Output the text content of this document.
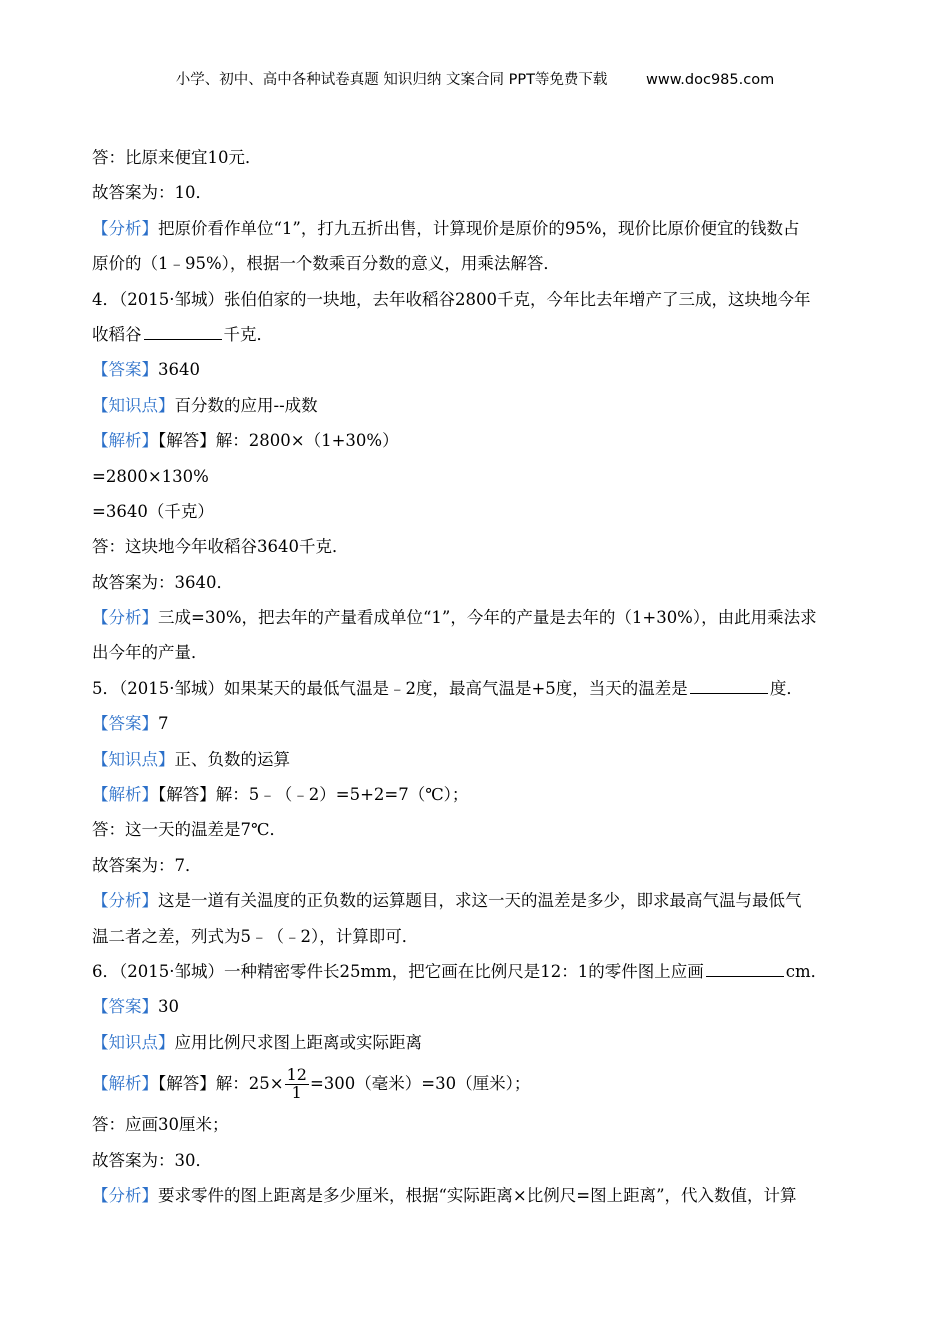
小学、初中、高中各种试卷真题 知识归纳 文案合同 PPT等免费下载	www.doc985.com
答：比原来便宜10元．
故答案为：10．
【分析】把原价看作单位“1”，打九五折出售，计算现价是原价的95%，现价比原价便宜的钱数占
原价的（1﹣95%），根据一个数乘百分数的意义，用乘法解答．
4．（2015·邹城）张伯伯家的一块地，去年收稻谷2800千克，今年比去年增产了三成，这块地今年
收稻谷	千克．
【答案】3640
【知识点】百分数的应用--成数
【解析】【解答】解：2800×（1+30%）
=2800×130%
=3640（千克）
答：这块地今年收稻谷3640千克．
故答案为：3640．
【分析】三成=30%，把去年的产量看成单位“1”，今年的产量是去年的（1+30%），由此用乘法求
出今年的产量．
5．（2015·邹城）如果某天的最低气温是﹣2度，最高气温是+5度，当天的温差是	度．
【答案】7
【知识点】正、负数的运算
【解析】【解答】解：5﹣（﹣2）=5+2=7（℃）；
答：这一天的温差是7℃．
故答案为：7．
【分析】这是一道有关温度的正负数的运算题目，求这一天的温差是多少，即求最高气温与最低气
温二者之差，列式为5﹣（﹣2），计算即可．
6．（2015·邹城）一种精密零件长25mm，把它画在比例尺是12：1的零件图上应画	cm．
【答案】30
【知识点】应用比例尺求图上距离或实际距离
【解析】【解答】解：$25\times \frac{12}{1} =300$（毫米）=30（厘米）；
答：应画30厘米；
故答案为：30．
【分析】要求零件的图上距离是多少厘米，根据“实际距离×比例尺=图上距离”，代入数值，计算
